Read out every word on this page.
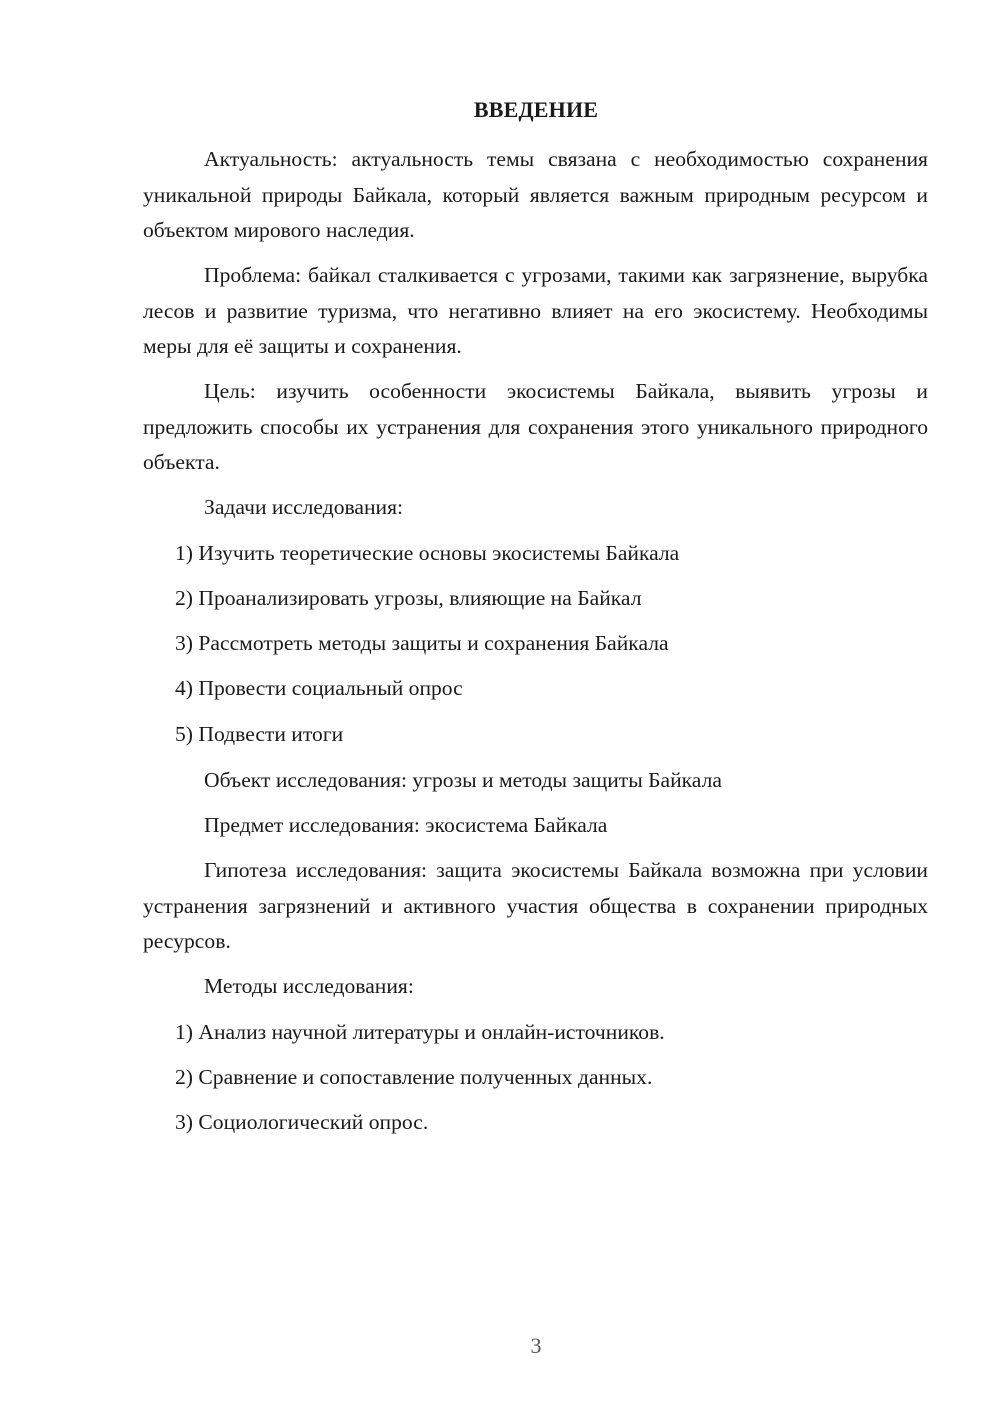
ВВЕДЕНИЕ

Актуальность: актуальность темы связана с необходимостью сохранения уникальной природы Байкала, который является важным природным ресурсом и объектом мирового наследия.

Проблема: байкал сталкивается с угрозами, такими как загрязнение, вырубка лесов и развитие туризма, что негативно влияет на его экосистему. Необходимы меры для её защиты и сохранения.

Цель: изучить особенности экосистемы Байкала, выявить угрозы и предложить способы их устранения для сохранения этого уникального природного объекта.

Задачи исследования:

1) Изучить теоретические основы экосистемы Байкала

2) Проанализировать угрозы, влияющие на Байкал

3) Рассмотреть методы защиты и сохранения Байкала

4) Провести социальный опрос

5) Подвести итоги

Объект исследования: угрозы и методы защиты Байкала

Предмет исследования: экосистема Байкала

Гипотеза исследования: защита экосистемы Байкала возможна при условии устранения загрязнений и активного участия общества в сохранении природных ресурсов.

Методы исследования:

1) Анализ научной литературы и онлайн-источников.

2) Сравнение и сопоставление полученных данных.

3) Социологический опрос.

3
